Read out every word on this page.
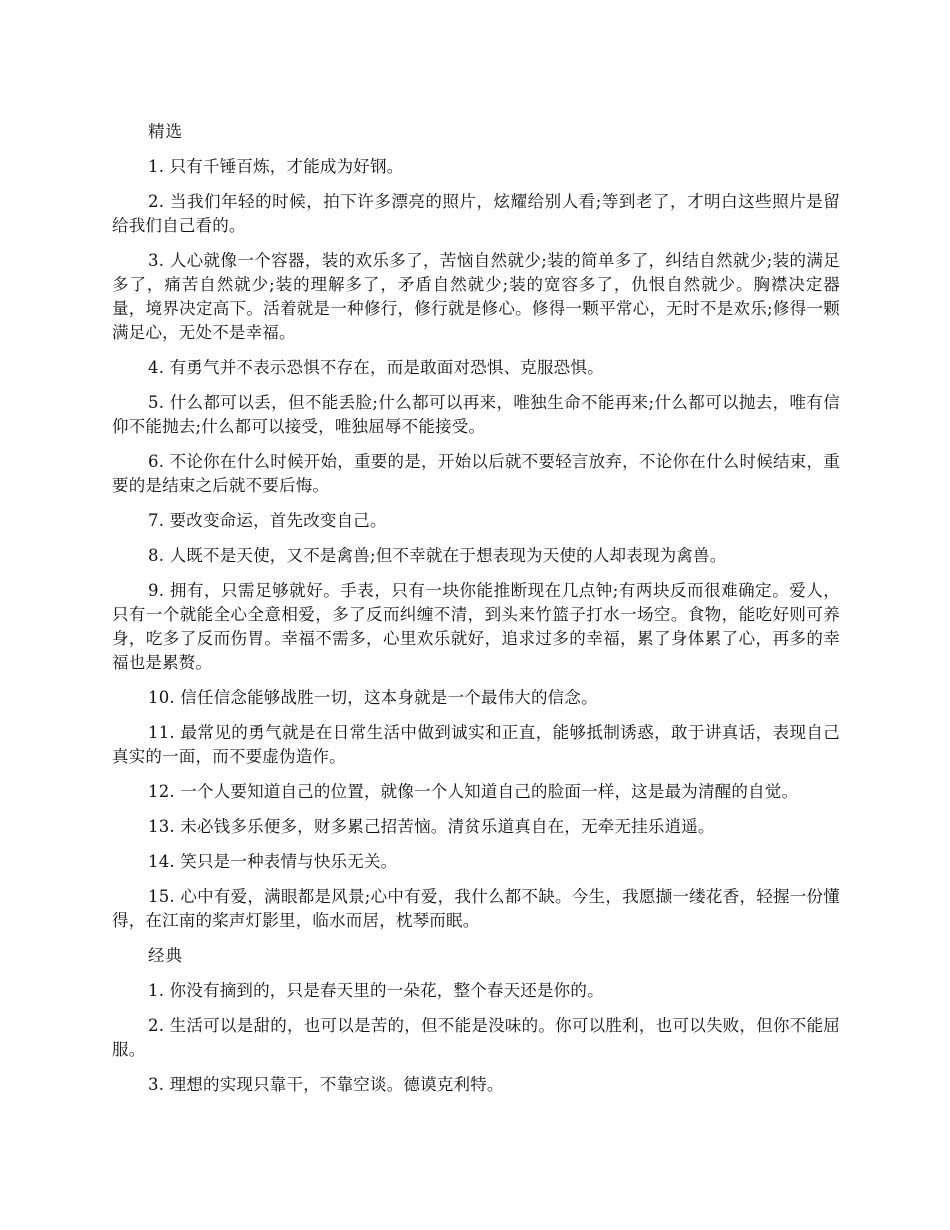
精选

1. 只有千锤百炼，才能成为好钢。

2. 当我们年轻的时候，拍下许多漂亮的照片，炫耀给别人看;等到老了，才明白这些照片是留给我们自己看的。

3. 人心就像一个容器，装的欢乐多了，苦恼自然就少;装的简单多了，纠结自然就少;装的满足多了，痛苦自然就少;装的理解多了，矛盾自然就少;装的宽容多了，仇恨自然就少。胸襟决定器量，境界决定高下。活着就是一种修行，修行就是修心。修得一颗平常心，无时不是欢乐;修得一颗满足心，无处不是幸福。

4. 有勇气并不表示恐惧不存在，而是敢面对恐惧、克服恐惧。

5. 什么都可以丢，但不能丢脸;什么都可以再来，唯独生命不能再来;什么都可以抛去，唯有信仰不能抛去;什么都可以接受，唯独屈辱不能接受。

6. 不论你在什么时候开始，重要的是，开始以后就不要轻言放弃，不论你在什么时候结束，重要的是结束之后就不要后悔。

7. 要改变命运，首先改变自己。

8. 人既不是天使，又不是禽兽;但不幸就在于想表现为天使的人却表现为禽兽。

9. 拥有，只需足够就好。手表，只有一块你能推断现在几点钟;有两块反而很难确定。爱人，只有一个就能全心全意相爱，多了反而纠缠不清，到头来竹篮子打水一场空。食物，能吃好则可养身，吃多了反而伤胃。幸福不需多，心里欢乐就好，追求过多的幸福，累了身体累了心，再多的幸福也是累赘。

10. 信任信念能够战胜一切，这本身就是一个最伟大的信念。

11. 最常见的勇气就是在日常生活中做到诚实和正直，能够抵制诱惑，敢于讲真话，表现自己真实的一面，而不要虚伪造作。

12. 一个人要知道自己的位置，就像一个人知道自己的脸面一样，这是最为清醒的自觉。

13. 未必钱多乐便多，财多累己招苦恼。清贫乐道真自在，无牵无挂乐逍遥。

14. 笑只是一种表情与快乐无关。

15. 心中有爱，满眼都是风景;心中有爱，我什么都不缺。今生，我愿撷一缕花香，轻握一份懂得，在江南的桨声灯影里，临水而居，枕琴而眠。

经典

1. 你没有摘到的，只是春天里的一朵花，整个春天还是你的。

2. 生活可以是甜的，也可以是苦的，但不能是没味的。你可以胜利，也可以失败，但你不能屈服。

3. 理想的实现只靠干，不靠空谈。德谟克利特。
